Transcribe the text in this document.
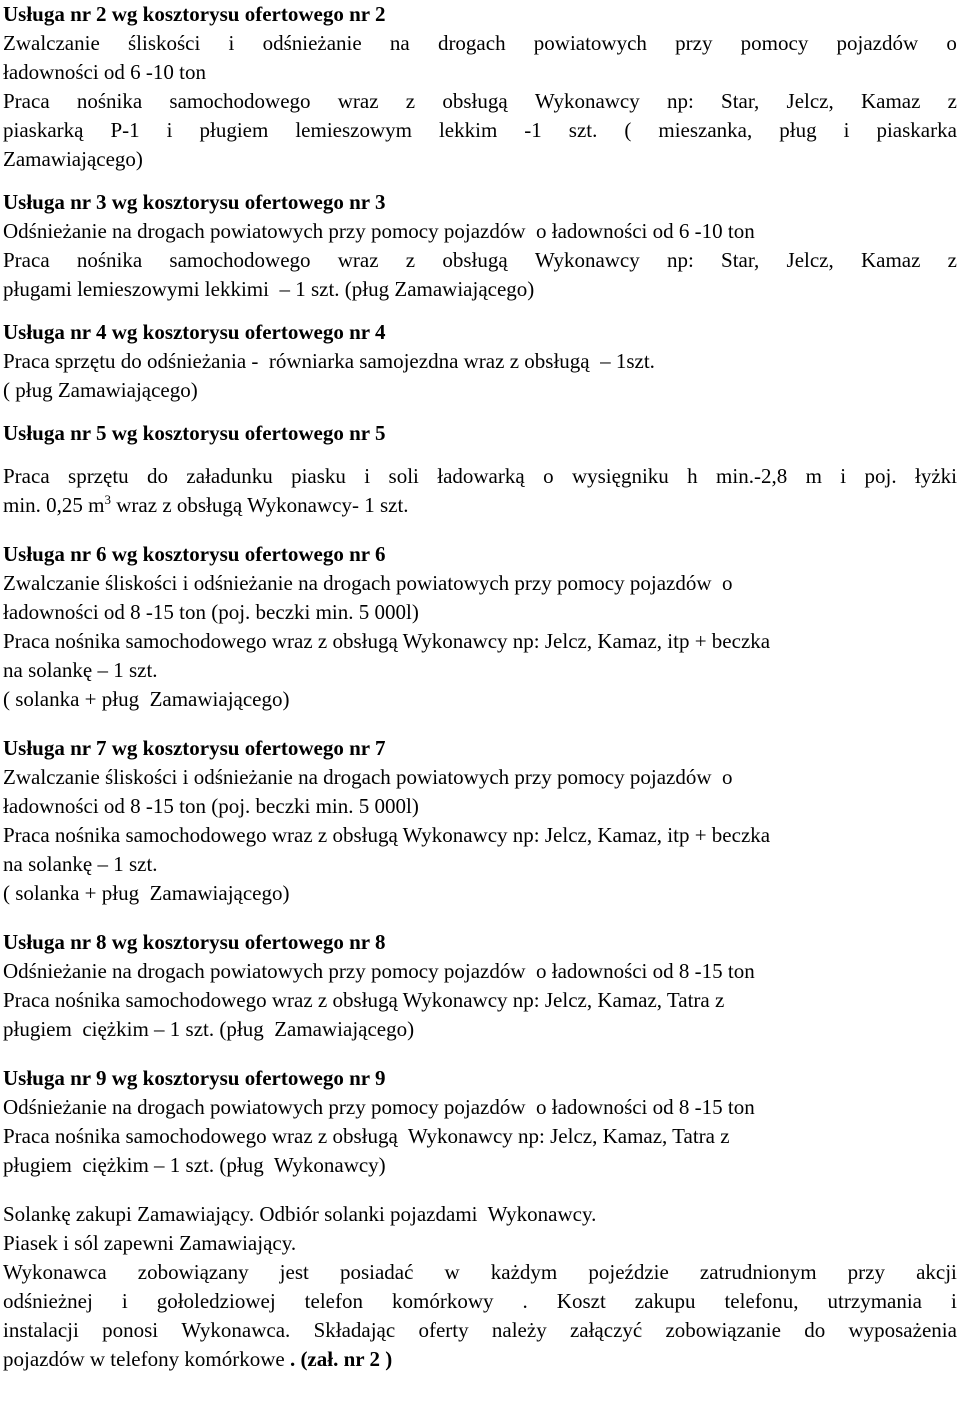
Usługa nr 2 wg kosztorysu ofertowego nr 2
Zwalczanie śliskości i odśnieżanie na drogach powiatowych przy pomocy pojazdów o
ładowności od 6 -10 ton
Praca nośnika samochodowego wraz z obsługą Wykonawcy np: Star, Jelcz, Kamaz z
piaskarką P-1 i pługiem lemieszowym lekkim -1 szt. ( mieszanka, pług i piaskarka
Zamawiającego)
Usługa nr 3 wg kosztorysu ofertowego nr 3
Odśnieżanie na drogach powiatowych przy pomocy pojazdów  o ładowności od 6 -10 ton
Praca nośnika samochodowego wraz z obsługą Wykonawcy np: Star, Jelcz, Kamaz z
pługami lemieszowymi lekkimi  – 1 szt. (pług Zamawiającego)
Usługa nr 4 wg kosztorysu ofertowego nr 4
Praca sprzętu do odśnieżania -  równiarka samojezdna wraz z obsługą  – 1szt.
( pług Zamawiającego)
Usługa nr 5 wg kosztorysu ofertowego nr 5
Praca sprzętu do załadunku piasku i soli ładowarką o wysięgniku h min.-2,8 m i poj. łyżki
min. 0,25 $m^3$ wraz z obsługą Wykonawcy- 1 szt.
Usługa nr 6 wg kosztorysu ofertowego nr 6
Zwalczanie śliskości i odśnieżanie na drogach powiatowych przy pomocy pojazdów  o
ładowności od 8 -15 ton (poj. beczki min. 5 000l)
Praca nośnika samochodowego wraz z obsługą Wykonawcy np: Jelcz, Kamaz, itp + beczka
na solankę – 1 szt.
( solanka + pług  Zamawiającego)
Usługa nr 7 wg kosztorysu ofertowego nr 7
Zwalczanie śliskości i odśnieżanie na drogach powiatowych przy pomocy pojazdów  o
ładowności od 8 -15 ton (poj. beczki min. 5 000l)
Praca nośnika samochodowego wraz z obsługą Wykonawcy np: Jelcz, Kamaz, itp + beczka
na solankę – 1 szt.
( solanka + pług  Zamawiającego)
Usługa nr 8 wg kosztorysu ofertowego nr 8
Odśnieżanie na drogach powiatowych przy pomocy pojazdów  o ładowności od 8 -15 ton
Praca nośnika samochodowego wraz z obsługą Wykonawcy np: Jelcz, Kamaz, Tatra z
pługiem  ciężkim – 1 szt. (pług  Zamawiającego)
Usługa nr 9 wg kosztorysu ofertowego nr 9
Odśnieżanie na drogach powiatowych przy pomocy pojazdów  o ładowności od 8 -15 ton
Praca nośnika samochodowego wraz z obsługą  Wykonawcy np: Jelcz, Kamaz, Tatra z
pługiem  ciężkim – 1 szt. (pług  Wykonawcy)
Solankę zakupi Zamawiający. Odbiór solanki pojazdami  Wykonawcy.
Piasek i sól zapewni Zamawiający.
Wykonawca zobowiązany jest posiadać w każdym pojeździe zatrudnionym przy akcji
odśnieżnej i gołoledziowej telefon komórkowy . Koszt zakupu telefonu, utrzymania i
instalacji ponosi Wykonawca. Składając oferty należy załączyć zobowiązanie do wyposażenia
pojazdów w telefony komórkowe . (zał. nr 2 )
